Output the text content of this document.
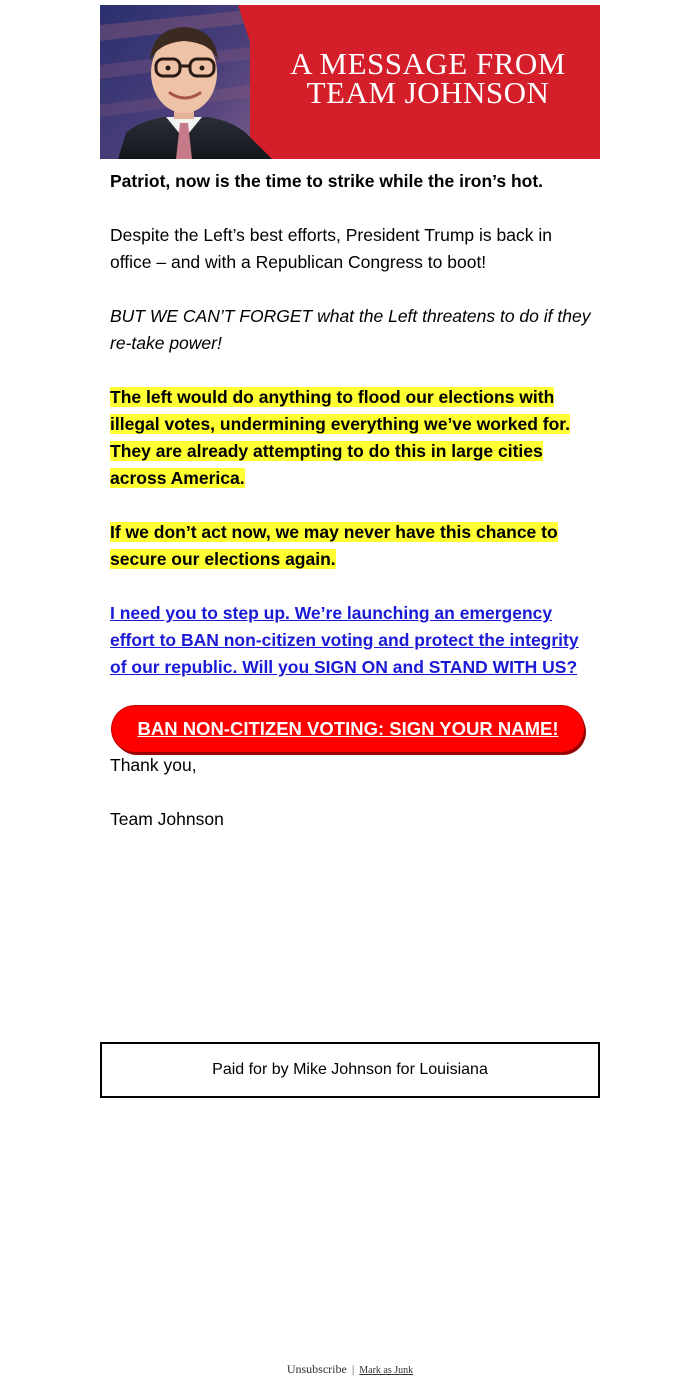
A MESSAGE FROM
TEAM JOHNSON

Patriot, now is the time to strike while the iron’s hot.

Despite the Left’s best efforts, President Trump is back in office – and with a Republican Congress to boot!

BUT WE CAN’T FORGET what the Left threatens to do if they re-take power!

The left would do anything to flood our elections with illegal votes, undermining everything we’ve worked for. They are already attempting to do this in large cities across America.

If we don’t act now, we may never have this chance to secure our elections again.

I need you to step up. We’re launching an emergency effort to BAN non-citizen voting and protect the integrity of our republic. Will you SIGN ON and STAND WITH US?

BAN NON-CITIZEN VOTING: SIGN YOUR NAME!

Thank you,

Team Johnson

Paid for by Mike Johnson for Louisiana
Unsubscribe | Mark as Junk
